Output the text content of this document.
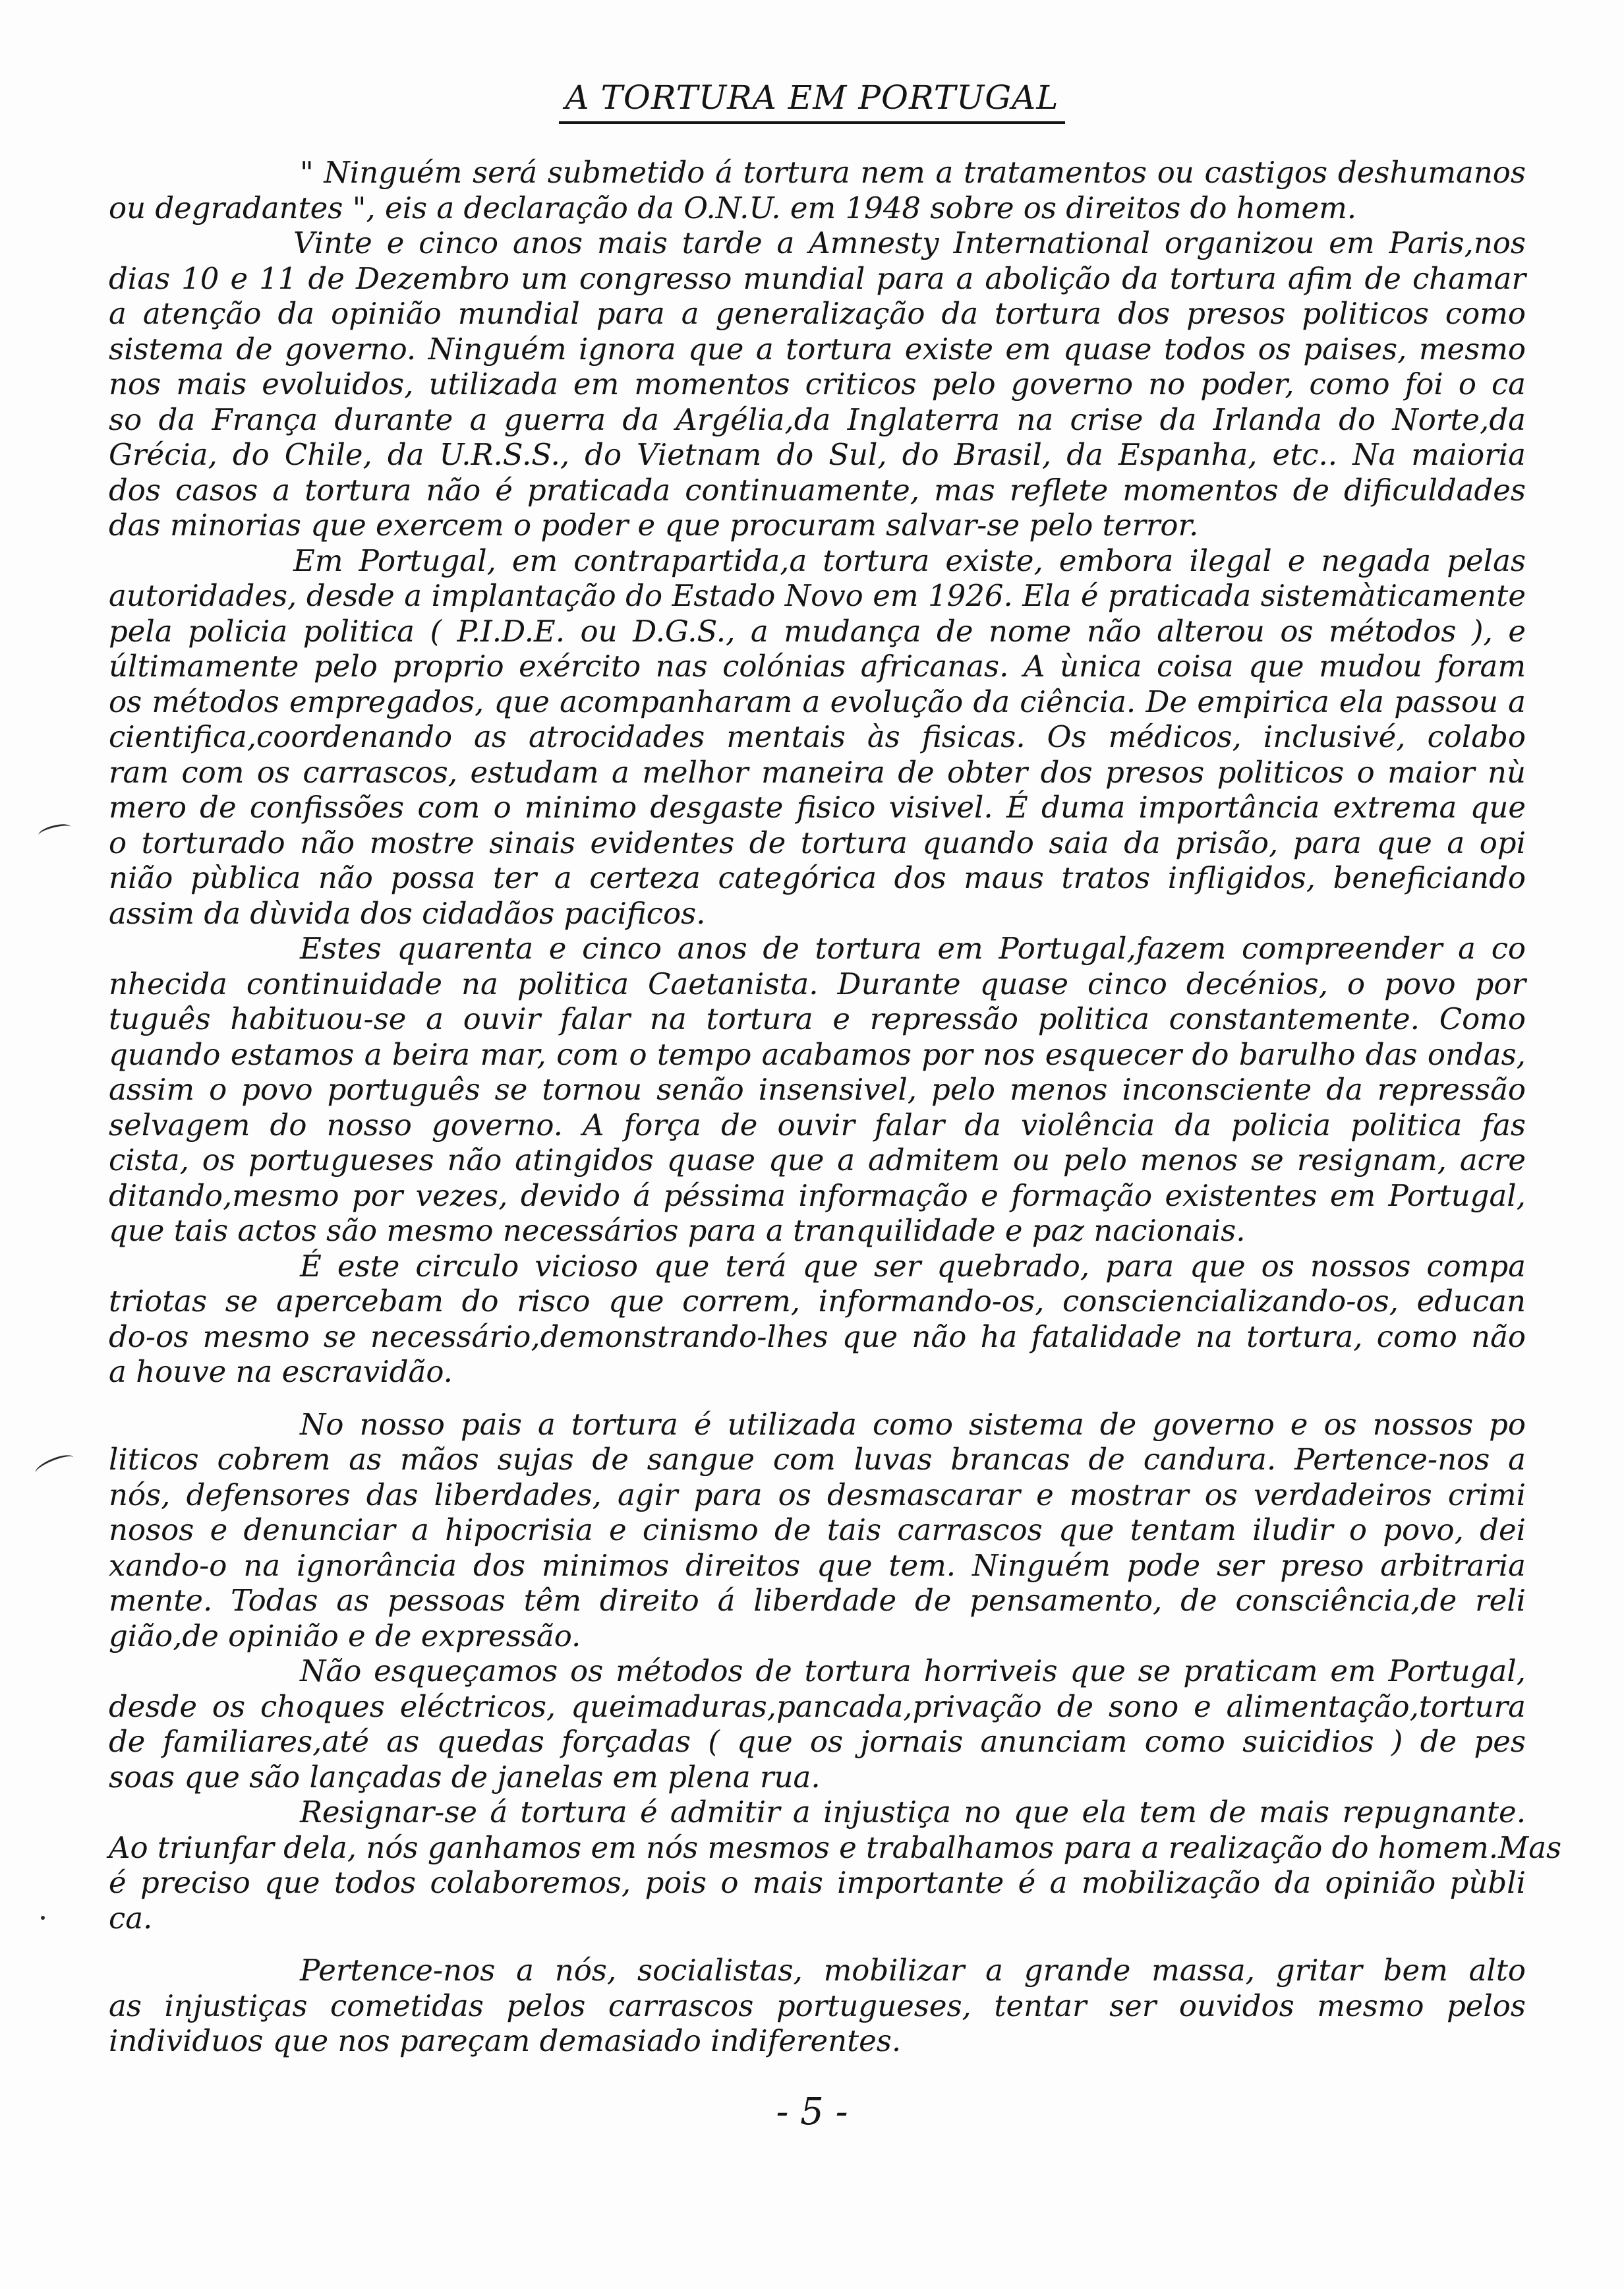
A TORTURA EM PORTUGAL
" Ninguém será submetido á tortura nem a tratamentos ou castigos deshumanos
ou degradantes ", eis a declaração da O.N.U. em 1948 sobre os direitos do homem.
Vinte e cinco anos mais tarde a Amnesty International organizou em Paris,nos
dias 10 e 11 de Dezembro um congresso mundial para a abolição da tortura afim de chamar
a atenção da opinião mundial para a generalização da tortura dos presos politicos como
sistema de governo. Ninguém ignora que a tortura existe em quase todos os paises, mesmo
nos mais evoluidos, utilizada em momentos criticos pelo governo no poder, como foi o ca
so da França durante a guerra da Argélia,da Inglaterra na crise da Irlanda do Norte,da
Grécia, do Chile, da U.R.S.S., do Vietnam do Sul, do Brasil, da Espanha, etc.. Na maioria
dos casos a tortura não é praticada continuamente, mas reflete momentos de dificuldades
das minorias que exercem o poder e que procuram salvar-se pelo terror.
Em Portugal, em contrapartida,a tortura existe, embora ilegal e negada pelas
autoridades, desde a implantação do Estado Novo em 1926. Ela é praticada sistemàticamente
pela policia politica ( P.I.D.E. ou D.G.S., a mudança de nome não alterou os métodos ), e
últimamente pelo proprio exército nas colónias africanas. A ùnica coisa que mudou foram
os métodos empregados, que acompanharam a evolução da ciência. De empirica ela passou a
cientifica,coordenando as atrocidades mentais às fisicas. Os médicos, inclusivé, colabo
ram com os carrascos, estudam a melhor maneira de obter dos presos politicos o maior nù
mero de confissões com o minimo desgaste fisico visivel. É duma importância extrema que
o torturado não mostre sinais evidentes de tortura quando saia da prisão, para que a opi
nião pùblica não possa ter a certeza categórica dos maus tratos infligidos, beneficiando
assim da dùvida dos cidadãos pacificos.
Estes quarenta e cinco anos de tortura em Portugal,fazem compreender a co
nhecida continuidade na politica Caetanista. Durante quase cinco decénios, o povo por
tuguês habituou-se a ouvir falar na tortura e repressão politica constantemente. Como
quando estamos a beira mar, com o tempo acabamos por nos esquecer do barulho das ondas,
assim o povo português se tornou senão insensivel, pelo menos inconsciente da repressão
selvagem do nosso governo. A força de ouvir falar da violência da policia politica fas
cista, os portugueses não atingidos quase que a admitem ou pelo menos se resignam, acre
ditando,mesmo por vezes, devido á péssima informação e formação existentes em Portugal,
que tais actos são mesmo necessários para a tranquilidade e paz nacionais.
É este circulo vicioso que terá que ser quebrado, para que os nossos compa
triotas se apercebam do risco que correm, informando-os, consciencializando-os, educan
do-os mesmo se necessário,demonstrando-lhes que não ha fatalidade na tortura, como não
a houve na escravidão.
No nosso pais a tortura é utilizada como sistema de governo e os nossos po
liticos cobrem as mãos sujas de sangue com luvas brancas de candura. Pertence-nos a
nós, defensores das liberdades, agir para os desmascarar e mostrar os verdadeiros crimi
nosos e denunciar a hipocrisia e cinismo de tais carrascos que tentam iludir o povo, dei
xando-o na ignorância dos minimos direitos que tem. Ninguém pode ser preso arbitraria
mente. Todas as pessoas têm direito á liberdade de pensamento, de consciência,de reli
gião,de opinião e de expressão.
Não esqueçamos os métodos de tortura horriveis que se praticam em Portugal,
desde os choques eléctricos, queimaduras,pancada,privação de sono e alimentação,tortura
de familiares,até as quedas forçadas ( que os jornais anunciam como suicidios ) de pes
soas que são lançadas de janelas em plena rua.
Resignar-se á tortura é admitir a injustiça no que ela tem de mais repugnante.
Ao triunfar dela, nós ganhamos em nós mesmos e trabalhamos para a realização do homem.Mas
é preciso que todos colaboremos, pois o mais importante é a mobilização da opinião pùbli
ca.
Pertence-nos a nós, socialistas, mobilizar a grande massa, gritar bem alto
as injustiças cometidas pelos carrascos portugueses, tentar ser ouvidos mesmo pelos
individuos que nos pareçam demasiado indiferentes.
- 5 -
